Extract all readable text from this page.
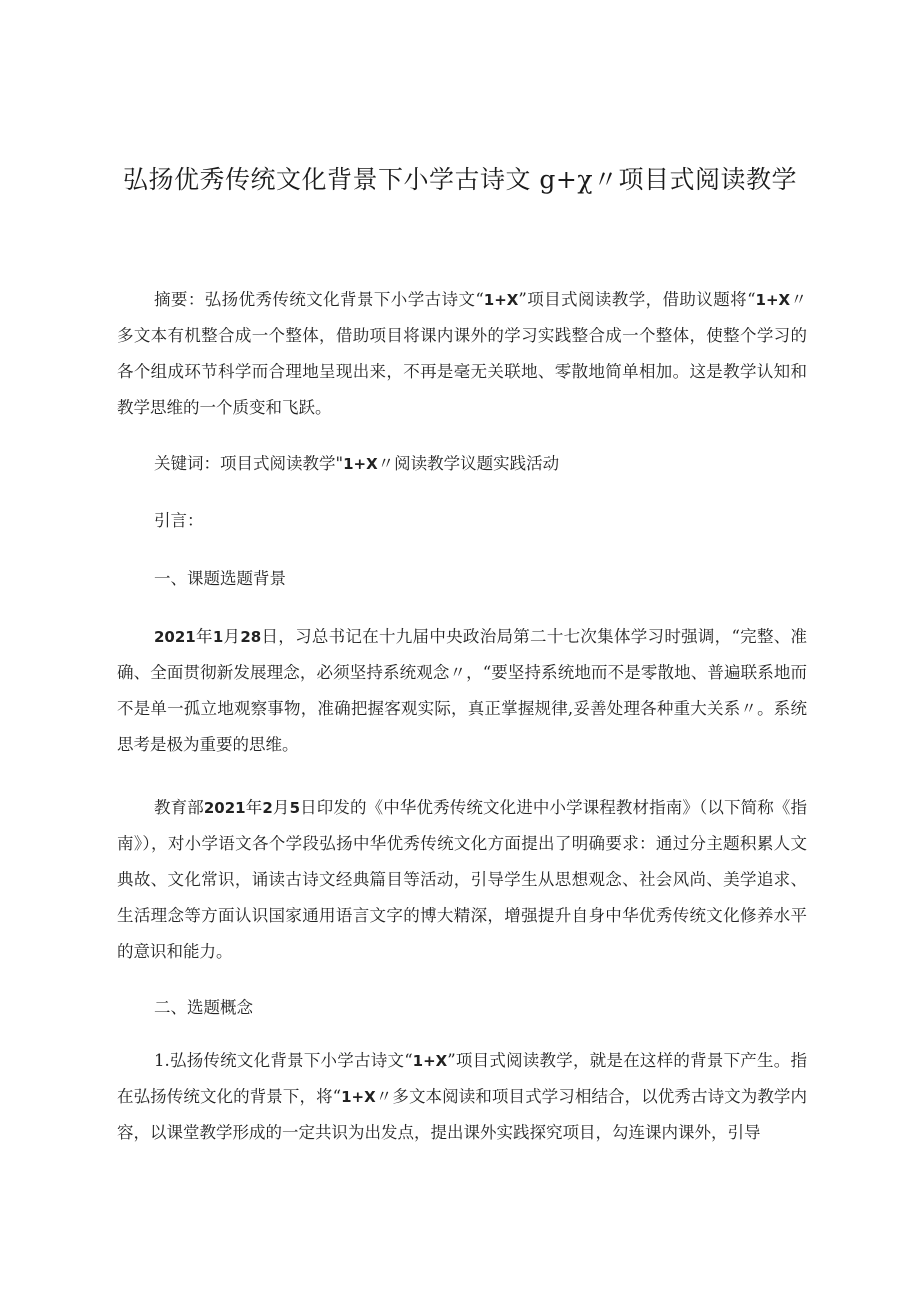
弘扬优秀传统文化背景下小学古诗文 g+χ〃项目式阅读教学

摘要：弘扬优秀传统文化背景下小学古诗文“1+X”项目式阅读教学，借助议题将“1+X〃多文本有机整合成一个整体，借助项目将课内课外的学习实践整合成一个整体，使整个学习的各个组成环节科学而合理地呈现出来，不再是毫无关联地、零散地简单相加。这是教学认知和教学思维的一个质变和飞跃。

关键词：项目式阅读教学"1+X〃阅读教学议题实践活动

引言：

一、课题选题背景

2021年1月28日，习总书记在十九届中央政治局第二十七次集体学习时强调，“完整、准确、全面贯彻新发展理念，必须坚持系统观念〃，“要坚持系统地而不是零散地、普遍联系地而不是单一孤立地观察事物，准确把握客观实际，真正掌握规律,妥善处理各种重大关系〃。系统思考是极为重要的思维。

教育部2021年2月5日印发的《中华优秀传统文化进中小学课程教材指南》（以下简称《指南》），对小学语文各个学段弘扬中华优秀传统文化方面提出了明确要求：通过分主题积累人文典故、文化常识，诵读古诗文经典篇目等活动，引导学生从思想观念、社会风尚、美学追求、生活理念等方面认识国家通用语言文字的博大精深，增强提升自身中华优秀传统文化修养水平的意识和能力。

二、选题概念

1.弘扬传统文化背景下小学古诗文“1+X”项目式阅读教学，就是在这样的背景下产生。指在弘扬传统文化的背景下，将“1+X〃多文本阅读和项目式学习相结合，以优秀古诗文为教学内容，以课堂教学形成的一定共识为出发点，提出课外实践探究项目，勾连课内课外，引导
